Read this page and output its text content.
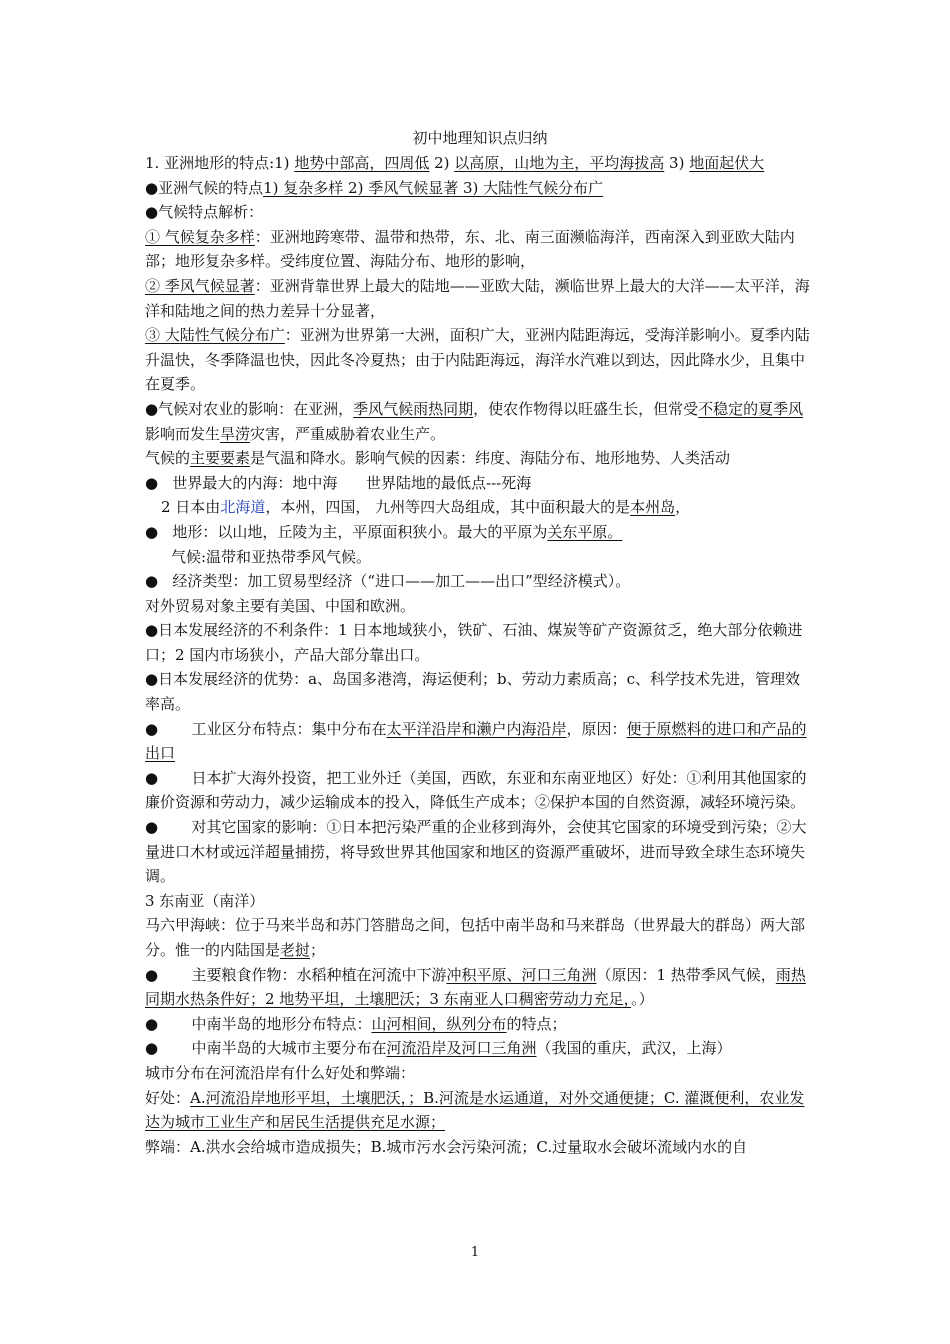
初中地理知识点归纳

1. 亚洲地形的特点:1) 地势中部高，四周低 2) 以高原，山地为主，平均海拔高 3) 地面起伏大

●亚洲气候的特点1) 复杂多样 2) 季风气候显著 3) 大陆性气候分布广

●气候特点解析：

① 气候复杂多样：亚洲地跨寒带、温带和热带，东、北、南三面濒临海洋，西南深入到亚欧大陆内部；地形复杂多样。受纬度位置、海陆分布、地形的影响，

② 季风气候显著：亚洲背靠世界上最大的陆地——亚欧大陆，濒临世界上最大的大洋——太平洋，海洋和陆地之间的热力差异十分显著，

③ 大陆性气候分布广：亚洲为世界第一大洲，面积广大，亚洲内陆距海远，受海洋影响小。夏季内陆升温快，冬季降温也快，因此冬冷夏热；由于内陆距海远，海洋水汽难以到达，因此降水少，且集中在夏季。

●气候对农业的影响：在亚洲，季风气候雨热同期，使农作物得以旺盛生长，但常受不稳定的夏季风影响而发生旱涝灾害，严重威胁着农业生产。

气候的主要要素是气温和降水。影响气候的因素：纬度、海陆分布、地形地势、人类活动

●   世界最大的内海：地中海      世界陆地的最低点---死海

2 日本由北海道，本州，四国， 九州等四大岛组成，其中面积最大的是本州岛，

●   地形：以山地，丘陵为主，平原面积狭小。最大的平原为关东平原。

气候:温带和亚热带季风气候。

●   经济类型：加工贸易型经济（“进口——加工——出口”型经济模式）。

对外贸易对象主要有美国、中国和欧洲。

●日本发展经济的不利条件：1 日本地域狭小，铁矿、石油、煤炭等矿产资源贫乏，绝大部分依赖进口；2 国内市场狭小，产品大部分靠出口。

●日本发展经济的优势：a、岛国多港湾，海运便利；b、劳动力素质高；c、科学技术先进，管理效率高。

●       工业区分布特点：集中分布在太平洋沿岸和濑户内海沿岸，原因：便于原燃料的进口和产品的出口

●       日本扩大海外投资，把工业外迁（美国，西欧，东亚和东南亚地区）好处：①利用其他国家的廉价资源和劳动力，减少运输成本的投入，降低生产成本；②保护本国的自然资源，减轻环境污染。

●       对其它国家的影响：①日本把污染严重的企业移到海外，会使其它国家的环境受到污染；②大量进口木材或远洋超量捕捞，将导致世界其他国家和地区的资源严重破坏，进而导致全球生态环境失调。

3 东南亚（南洋）

马六甲海峡：位于马来半岛和苏门答腊岛之间，包括中南半岛和马来群岛（世界最大的群岛）两大部分。惟一的内陆国是老挝；

●       主要粮食作物：水稻种植在河流中下游冲积平原、河口三角洲（原因：1 热带季风气候，雨热同期水热条件好；2 地势平坦，土壤肥沃；3 东南亚人口稠密劳动力充足，。）

●       中南半岛的地形分布特点：山河相间，纵列分布的特点；

●       中南半岛的大城市主要分布在河流沿岸及河口三角洲（我国的重庆，武汉，上海）

城市分布在河流沿岸有什么好处和弊端：

好处：A.河流沿岸地形平坦，土壤肥沃，；B.河流是水运通道，对外交通便捷；C. 灌溉便利，农业发达为城市工业生产和居民生活提供充足水源；

弊端：A.洪水会给城市造成损失；B.城市污水会污染河流；C.过量取水会破坏流域内水的自

1
